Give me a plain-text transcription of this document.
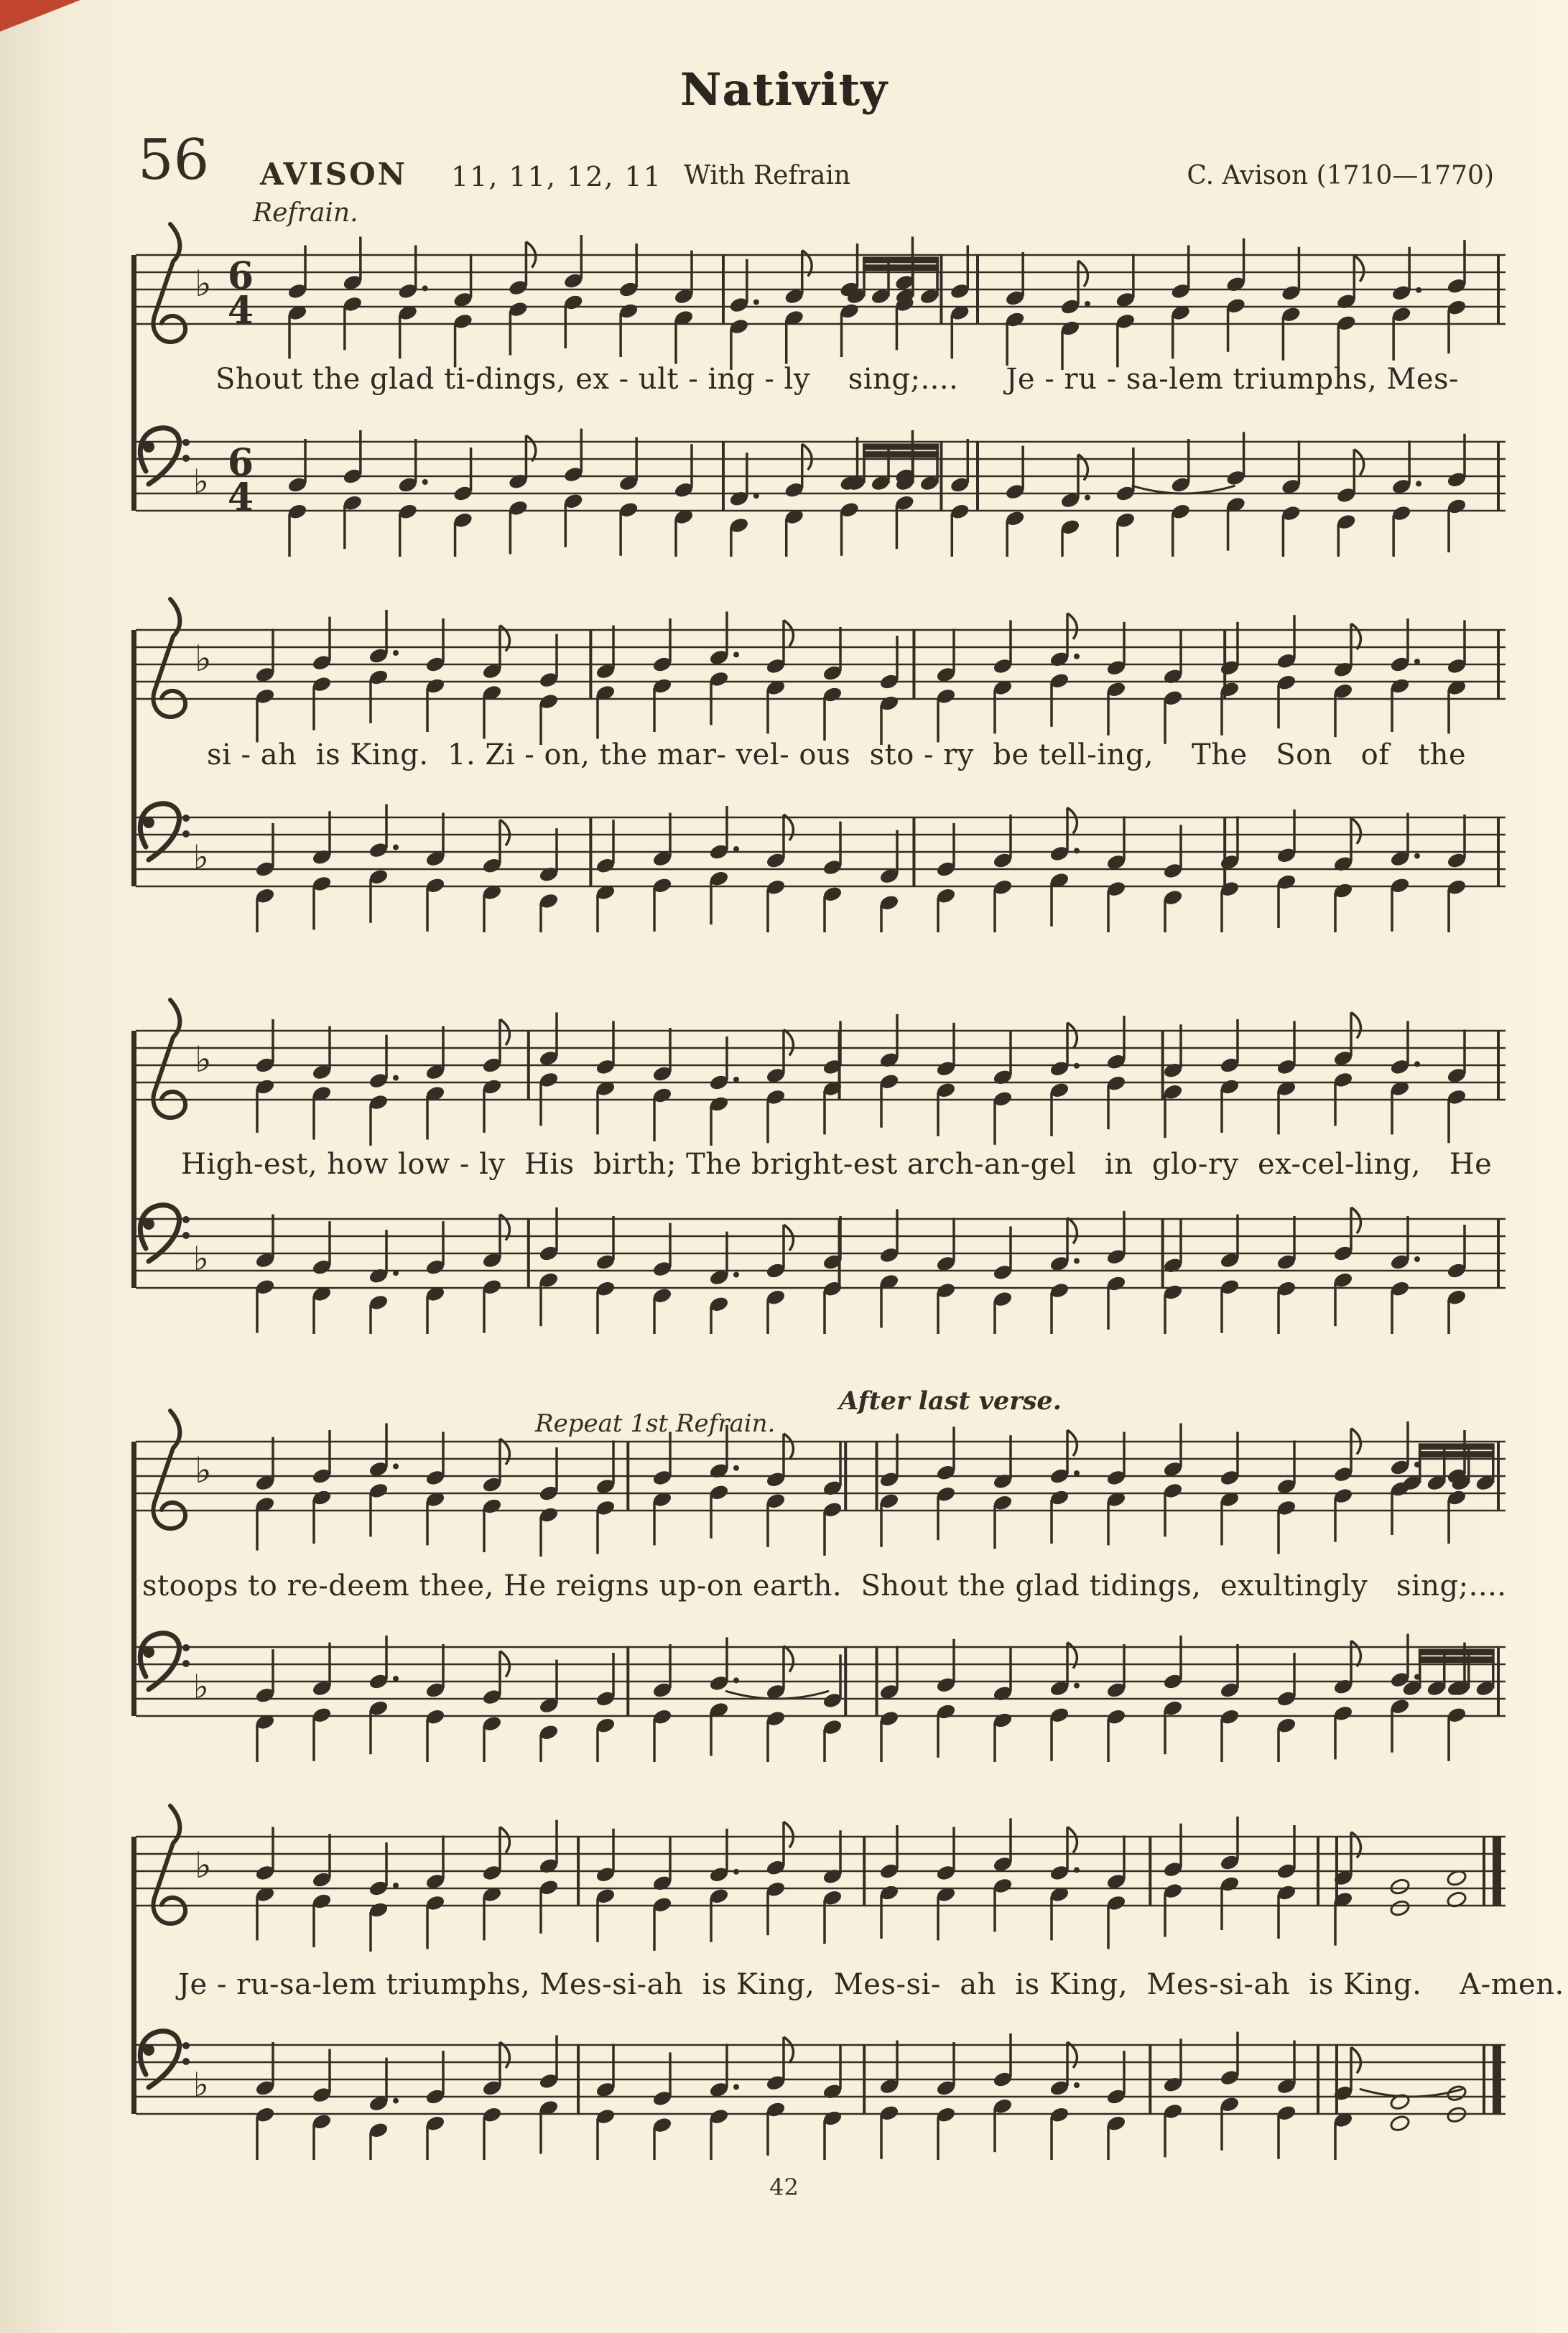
Nativity
56 AVISON 11, 11, 12, 11 With Refrain	C. Avison (1710—1770)
Refrain.
Repeat 1st Refrain.
After last verse.
♭ 6
4
Shout the glad ti-dings, ex - ult - ing - ly    sing;....     Je - ru - sa-lem triumphs, Mes-
♭ 6
4
♭
si - ah  is King.  1. Zi - on, the mar- vel- ous  sto - ry  be tell-ing,    The   Son   of   the
♭
♭
High-est, how low - ly  His  birth; The bright-est arch-an-gel   in  glo-ry  ex-cel-ling,   He
♭
♭
stoops to re-deem thee, He reigns up-on earth.  Shout the glad tidings,  exultingly   sing;....
♭
♭
Je - ru-sa-lem triumphs, Mes-si-ah  is King,  Mes-si-  ah  is King,  Mes-si-ah  is King.    A-men.
♭
42
